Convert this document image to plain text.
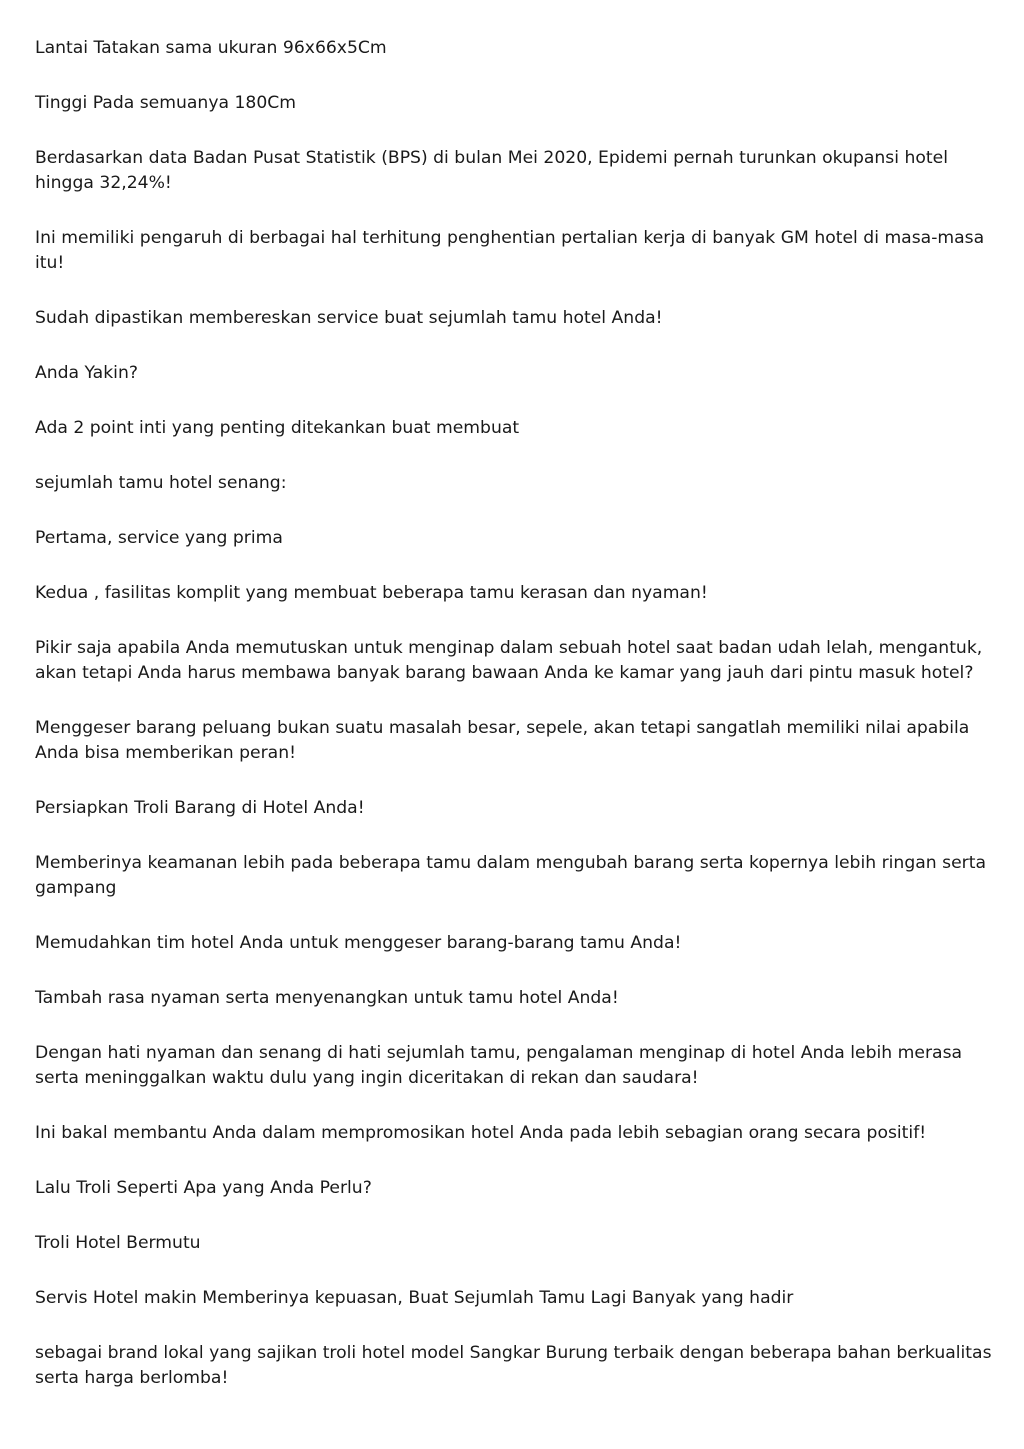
Lantai Tatakan sama ukuran 96x66x5Cm

Tinggi Pada semuanya 180Cm

Berdasarkan data Badan Pusat Statistik (BPS) di bulan Mei 2020, Epidemi pernah turunkan okupansi hotel hingga 32,24%!

Ini memiliki pengaruh di berbagai hal terhitung penghentian pertalian kerja di banyak GM hotel di masa-masa itu!

Sudah dipastikan membereskan service buat sejumlah tamu hotel Anda!

Anda Yakin?

Ada 2 point inti yang penting ditekankan buat membuat

sejumlah tamu hotel senang:

Pertama, service yang prima

Kedua , fasilitas komplit yang membuat beberapa tamu kerasan dan nyaman!

Pikir saja apabila Anda memutuskan untuk menginap dalam sebuah hotel saat badan udah lelah, mengantuk, akan tetapi Anda harus membawa banyak barang bawaan Anda ke kamar yang jauh dari pintu masuk hotel?

Menggeser barang peluang bukan suatu masalah besar, sepele, akan tetapi sangatlah memiliki nilai apabila Anda bisa memberikan peran!

Persiapkan Troli Barang di Hotel Anda!

Memberinya keamanan lebih pada beberapa tamu dalam mengubah barang serta kopernya lebih ringan serta gampang

Memudahkan tim hotel Anda untuk menggeser barang-barang tamu Anda!

Tambah rasa nyaman serta menyenangkan untuk tamu hotel Anda!

Dengan hati nyaman dan senang di hati sejumlah tamu, pengalaman menginap di hotel Anda lebih merasa serta meninggalkan waktu dulu yang ingin diceritakan di rekan dan saudara!

Ini bakal membantu Anda dalam mempromosikan hotel Anda pada lebih sebagian orang secara positif!

Lalu Troli Seperti Apa yang Anda Perlu?

Troli Hotel Bermutu

Servis Hotel makin Memberinya kepuasan, Buat Sejumlah Tamu Lagi Banyak yang hadir

sebagai brand lokal yang sajikan troli hotel model Sangkar Burung terbaik dengan beberapa bahan berkualitas serta harga berlomba!
